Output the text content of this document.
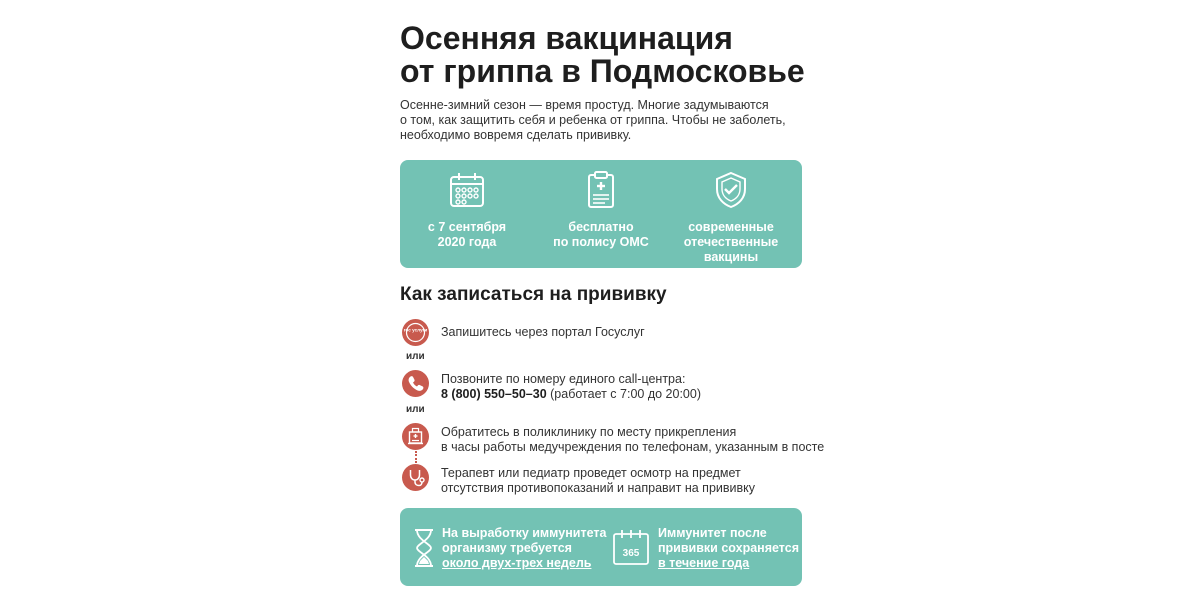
Осенняя вакцинация
от гриппа в Подмосковье

Осенне-зимний сезон — время простуд. Многие задумываются
о том, как защитить себя и ребенка от гриппа. Чтобы не заболеть,
необходимо вовремя сделать прививку.

с 7 сентября
2020 года
бесплатно
по полису ОМС
современные
отечественные
вакцины
Как записаться на прививку
гос услуги Запишитесь через портал Госуслуг
или
Позвоните по номеру единого call-центра:
8 (800) 550–50–30 (работает с 7:00 до 20:00)
или
Обратитесь в поликлинику по месту прикрепления
в часы работы медучреждения по телефонам, указанным в посте
Терапевт или педиатр проведет осмотр на предмет
отсутствия противопоказаний и направит на прививку
На выработку иммунитета
организму требуется
около двух-трех недель
365
Иммунитет после
прививки сохраняется
в течение года
